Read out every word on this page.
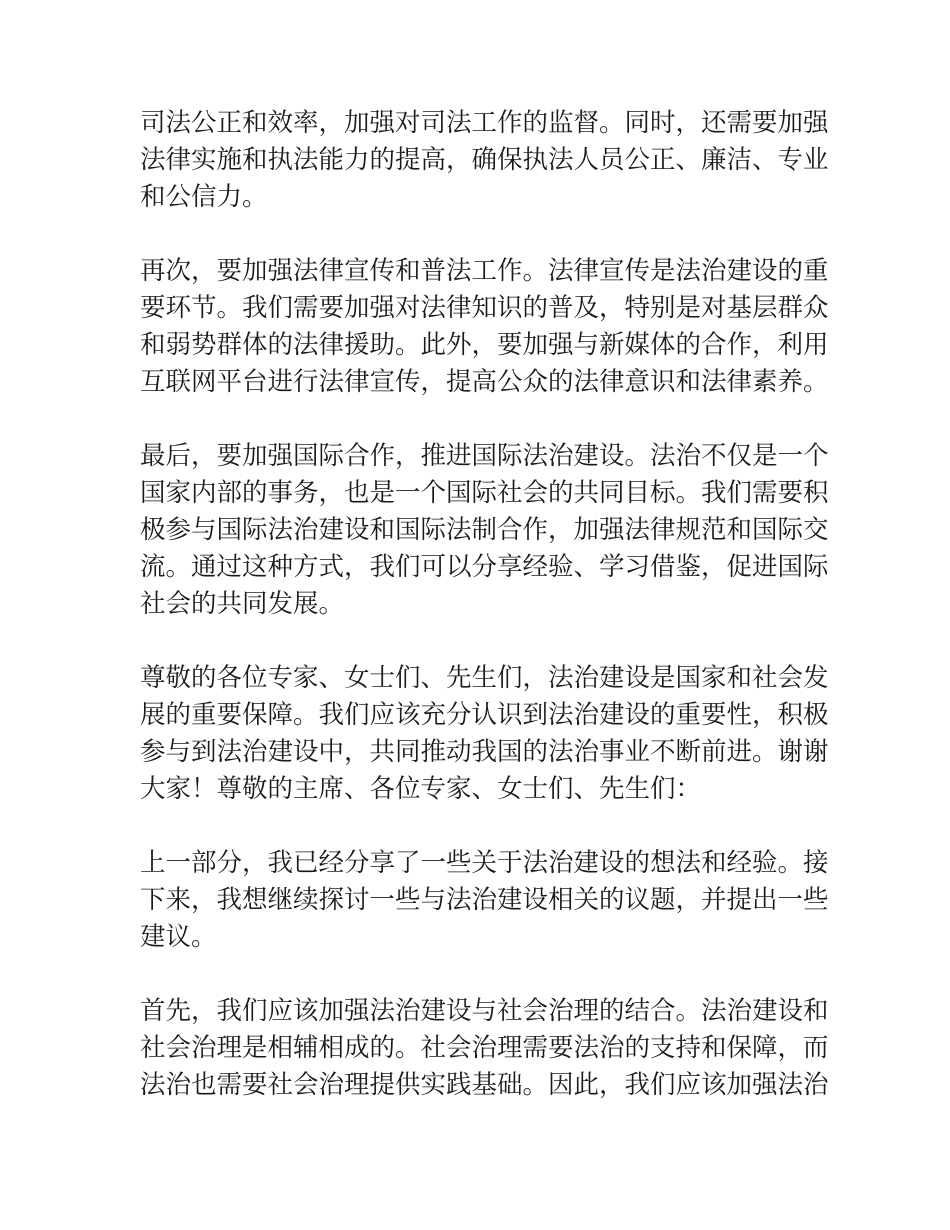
司法公正和效率，加强对司法工作的监督。同时，还需要加强
法律实施和执法能力的提高，确保执法人员公正、廉洁、专业
和公信力。
再次，要加强法律宣传和普法工作。法律宣传是法治建设的重
要环节。我们需要加强对法律知识的普及，特别是对基层群众
和弱势群体的法律援助。此外，要加强与新媒体的合作，利用
互联网平台进行法律宣传，提高公众的法律意识和法律素养。
最后，要加强国际合作，推进国际法治建设。法治不仅是一个
国家内部的事务，也是一个国际社会的共同目标。我们需要积
极参与国际法治建设和国际法制合作，加强法律规范和国际交
流。通过这种方式，我们可以分享经验、学习借鉴，促进国际
社会的共同发展。
尊敬的各位专家、女士们、先生们，法治建设是国家和社会发
展的重要保障。我们应该充分认识到法治建设的重要性，积极
参与到法治建设中，共同推动我国的法治事业不断前进。谢谢
大家！尊敬的主席、各位专家、女士们、先生们：
上一部分，我已经分享了一些关于法治建设的想法和经验。接
下来，我想继续探讨一些与法治建设相关的议题，并提出一些
建议。
首先，我们应该加强法治建设与社会治理的结合。法治建设和
社会治理是相辅相成的。社会治理需要法治的支持和保障，而
法治也需要社会治理提供实践基础。因此，我们应该加强法治
